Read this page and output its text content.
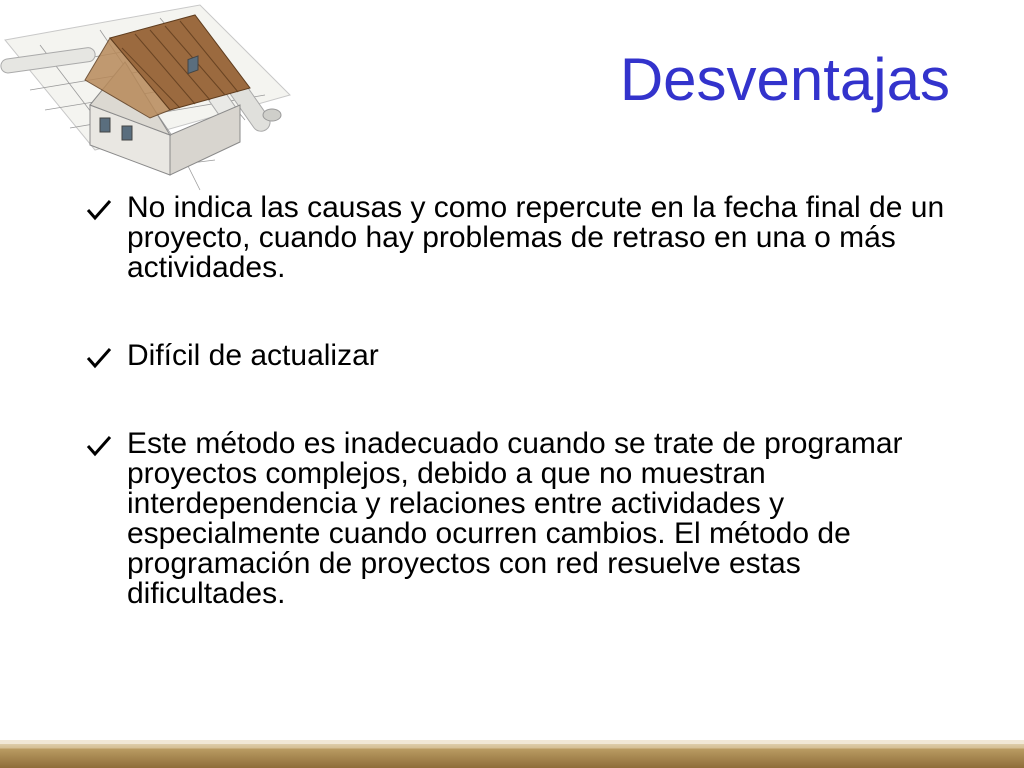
Desventajas
No indica las causas y como repercute en la fecha final de un proyecto, cuando hay problemas de retraso en una o más actividades.
Difícil de actualizar
Este método es inadecuado cuando se trate de programar proyectos complejos, debido a que no muestran interdependencia y relaciones entre actividades y especialmente cuando ocurren cambios. El método de programación de proyectos con red resuelve estas dificultades.
